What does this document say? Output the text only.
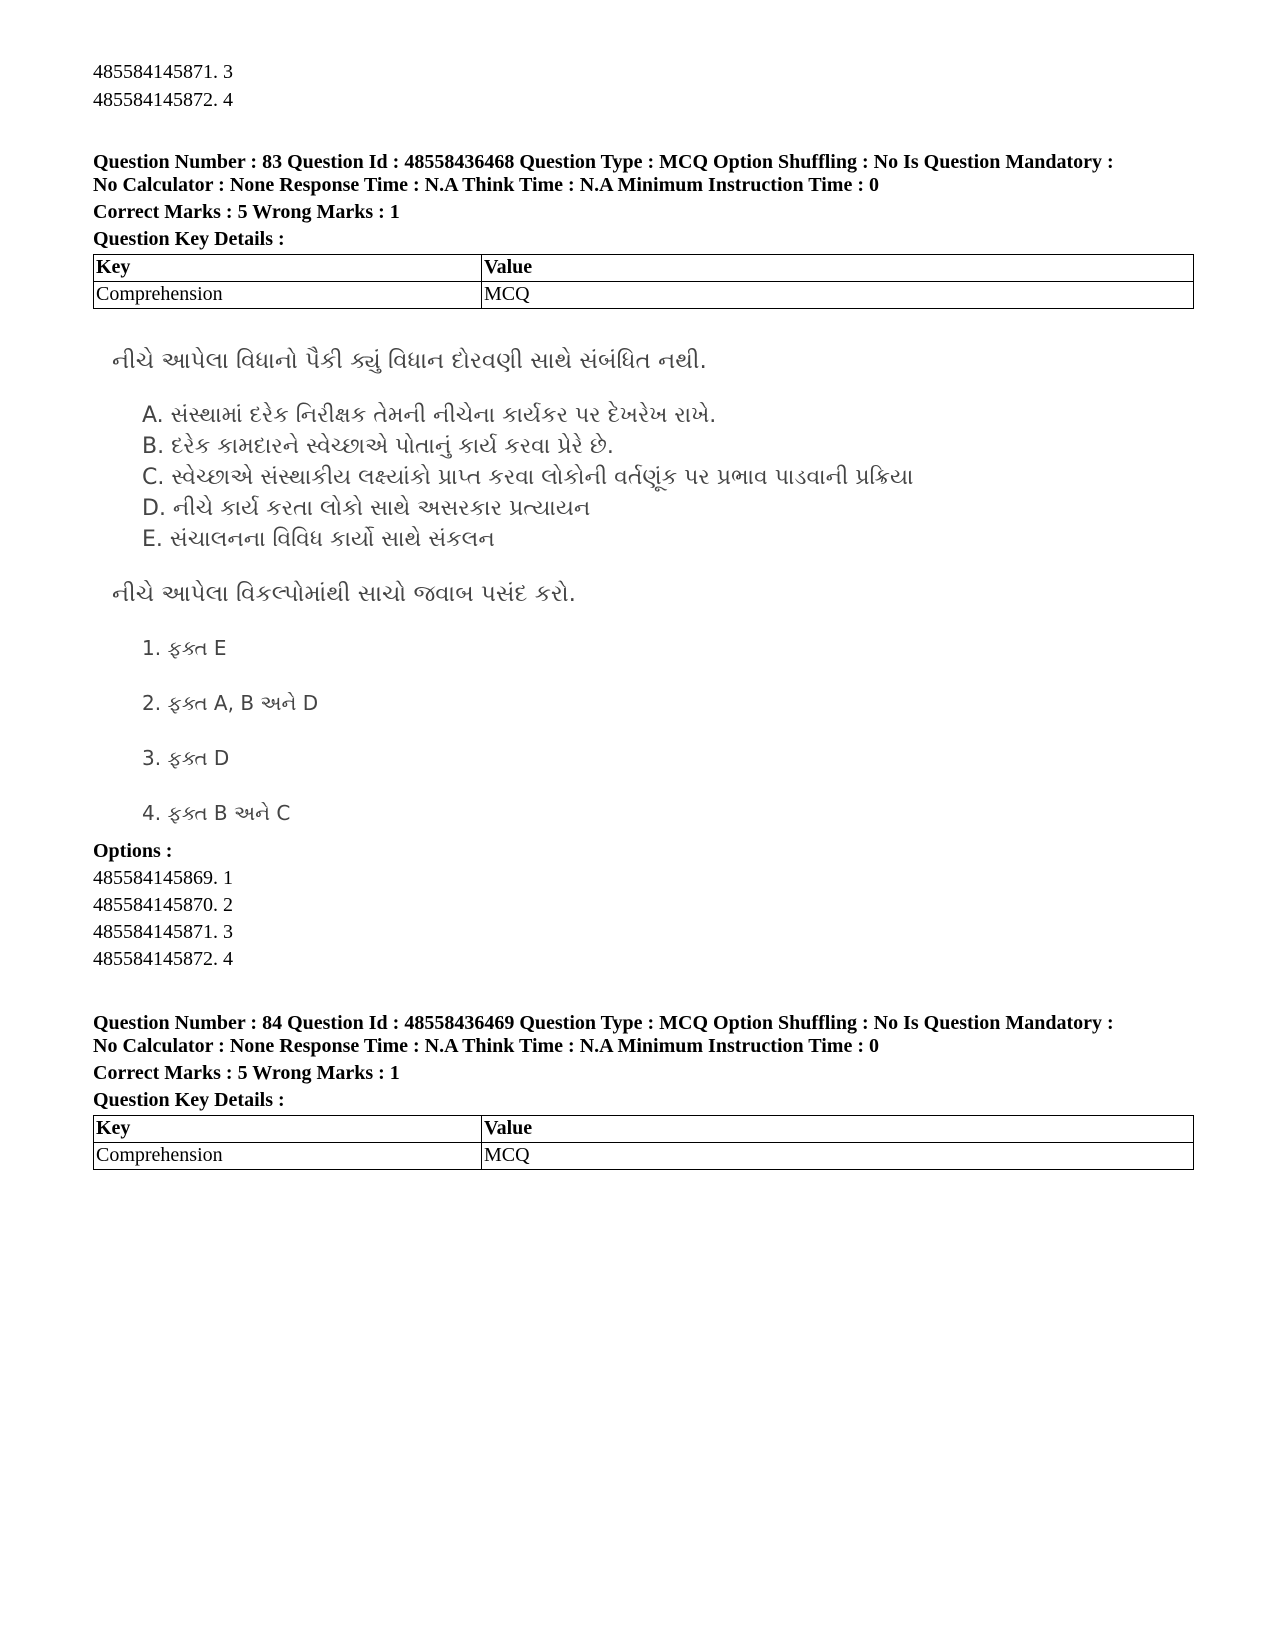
485584145871. 3
485584145872. 4
Question Number : 83 Question Id : 48558436468 Question Type : MCQ Option Shuffling : No Is Question Mandatory :
No Calculator : None Response Time : N.A Think Time : N.A Minimum Instruction Time : 0
Correct Marks : 5 Wrong Marks : 1
Question Key Details :
Key	Value
Comprehension	MCQ
નીચે આપેલા વિધાનો પૈકી ક્યું વિધાન દોરવણી સાથે સંબંધિત નથી.
A. સંસ્થામાં દરેક નિરીક્ષક તેમની નીચેના કાર્યકર પર દેખરેખ રાખે.
B. દરેક કામદારને સ્વેચ્છાએ પોતાનું કાર્ય કરવા પ્રેરે છે.
C. સ્વેચ્છાએ સંસ્થાકીય લક્ષ્યાંકો પ્રાપ્ત કરવા લોકોની વર્તણૂંક પર પ્રભાવ પાડવાની પ્રક્રિયા
D. નીચે કાર્ય કરતા લોકો સાથે અસરકાર પ્રત્યાયન
E. સંચાલનના વિવિધ કાર્યો સાથે સંકલન
નીચે આપેલા વિકલ્પોમાંથી સાચો જવાબ પસંદ કરો.
1. ફક્ત E
2. ફક્ત A, B અને D
3. ફક્ત D
4. ફક્ત B અને C
Options :
485584145869. 1
485584145870. 2
485584145871. 3
485584145872. 4
Question Number : 84 Question Id : 48558436469 Question Type : MCQ Option Shuffling : No Is Question Mandatory :
No Calculator : None Response Time : N.A Think Time : N.A Minimum Instruction Time : 0
Correct Marks : 5 Wrong Marks : 1
Question Key Details :
Key	Value
Comprehension	MCQ
